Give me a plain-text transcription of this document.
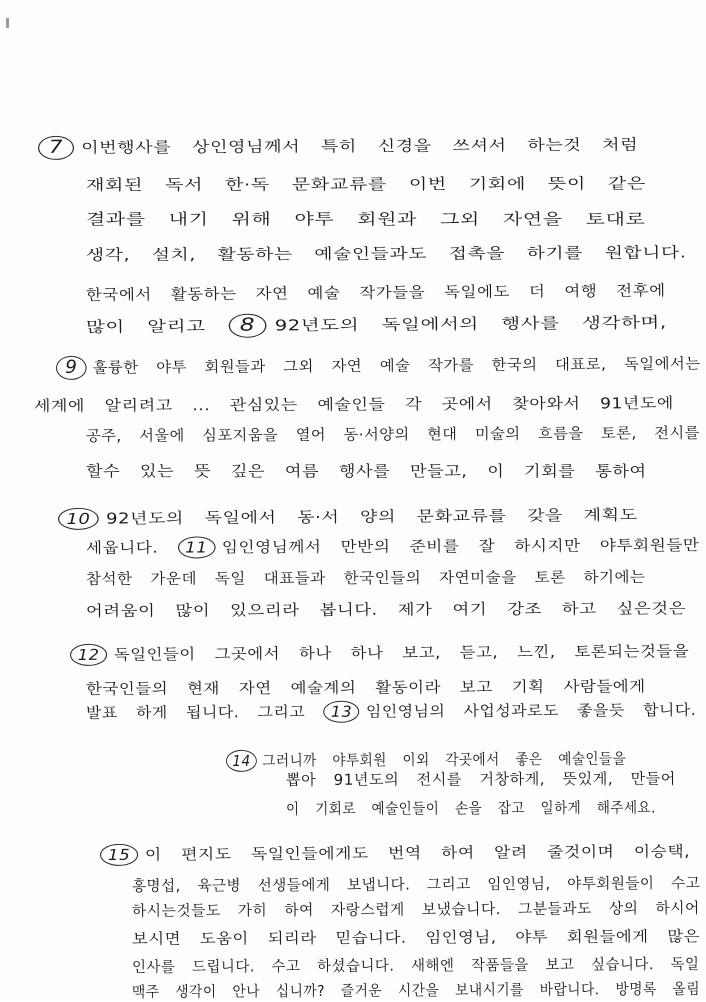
7 이번행사를 상인영님께서 특히 신경을 쓰셔서 하는것 처럼
재회된 독서 한·독 문화교류를 이번 기회에 뜻이 같은
결과를 내기 위해 야투 회원과 그외 자연을 토대로
생각, 설치, 활동하는 예술인들과도 접촉을 하기를 원합니다.
한국에서 활동하는 자연 예술 작가들을 독일에도 더 여행 전후에
많이 알리고 8 92년도의 독일에서의 행사를 생각하며,
9 훌륭한 야투 회원들과 그외 자연 예술 작가를 한국의 대표로, 독일에서는
세계에 알리려고 ... 관심있는 예술인들 각 곳에서 찾아와서 91년도에
공주, 서울에 심포지움을 열어 동·서양의 현대 미술의 흐름을 토론, 전시를
할수 있는 뜻 깊은 여름 행사를 만들고, 이 기회를 통하여
10 92년도의 독일에서 동·서 양의 문화교류를 갖을 계획도
세웁니다. 11 임인영님께서 만반의 준비를 잘 하시지만 야투회원들만
참석한 가운데 독일 대표들과 한국인들의 자연미술을 토론 하기에는
어려움이 많이 있으리라 봅니다. 제가 여기 강조 하고 싶은것은
12 독일인들이 그곳에서 하나 하나 보고, 듣고, 느낀, 토론되는것들을
한국인들의 현재 자연 예술계의 활동이라 보고 기획 사람들에게
발표 하게 됩니다. 그리고 13 임인영님의 사업성과로도 좋을듯 합니다.
14 그러니까 야투회원 이외 각곳에서 좋은 예술인들을
뽑아 91년도의 전시를 거창하게, 뜻있게, 만들어
이 기회로 예술인들이 손을 잡고 일하게 해주세요.
15 이 편지도 독일인들에게도 번역 하여 알려 줄것이며 이승택,
홍명섭, 육근병 선생들에게 보냅니다. 그리고 임인영님, 야투회원들이 수고
하시는것들도 가히 하여 자랑스럽게 보냈습니다. 그분들과도 상의 하시어
보시면 도움이 되리라 믿습니다. 임인영님, 야투 회원들에게 많은
인사를 드립니다. 수고 하셨습니다. 새해엔 작품들을 보고 싶습니다. 독일
맥주 생각이 안나 십니까? 즐거운 시간을 보내시기를 바랍니다. 방명록 올림
